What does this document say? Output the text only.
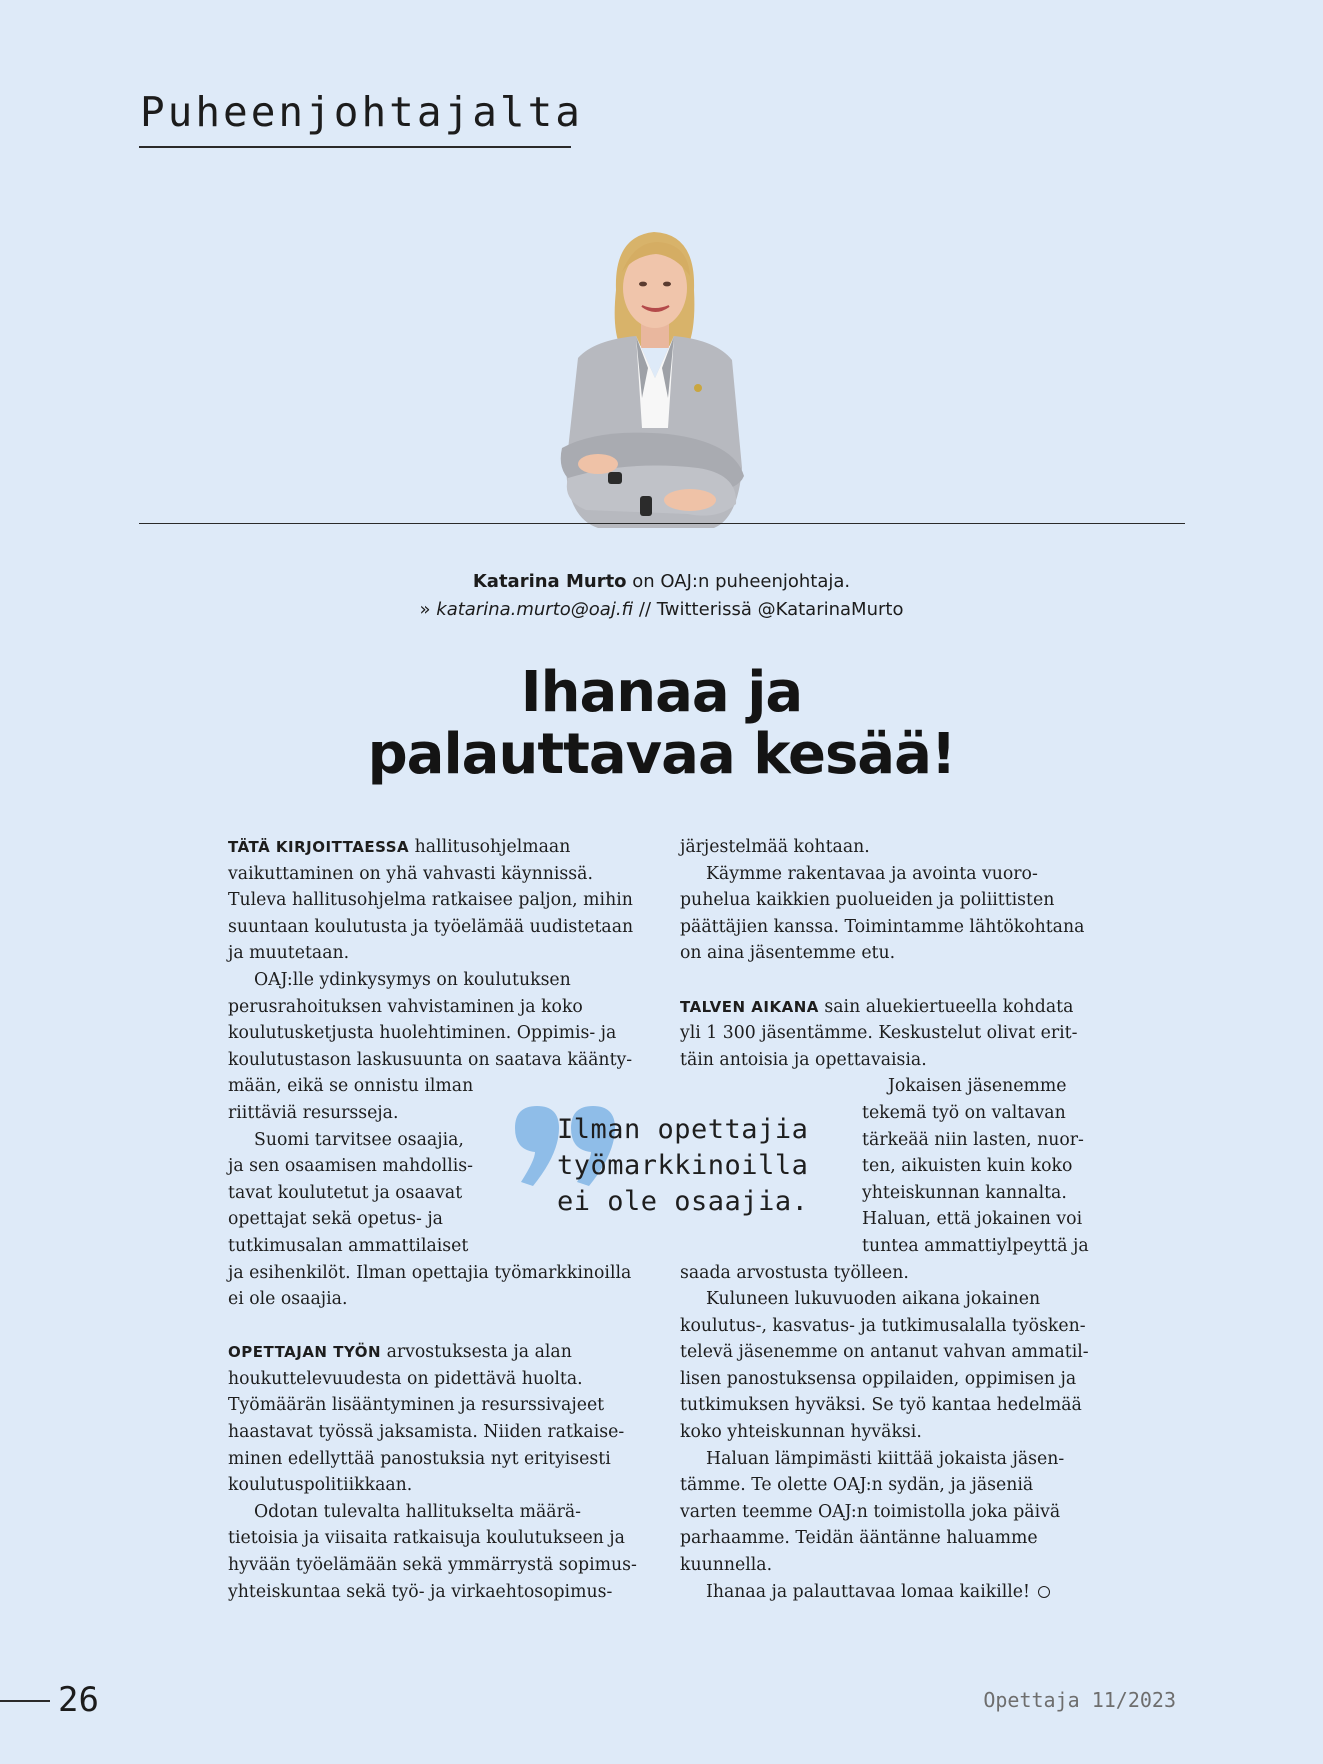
Puheenjohtajalta
Katarina Murto on OAJ:n puheenjohtaja.
» katarina.murto@oaj.fi // Twitterissä @KatarinaMurto
Ihanaa ja
palauttavaa kesää!
TÄTÄ KIRJOITTAESSA hallitusohjelmaan
vaikuttaminen on yhä vahvasti käynnissä.
Tuleva hallitusohjelma ratkaisee paljon, mihin
suuntaan koulutusta ja työelämää uudistetaan
ja muutetaan.
OAJ:lle ydinkysymys on koulutuksen
perusrahoituksen vahvistaminen ja koko
koulutusketjusta huolehtiminen. Oppimis- ja
koulutustason laskusuunta on saatava käänty-
mään, eikä se onnistu ilman
riittäviä resursseja.
Suomi tarvitsee osaajia,
ja sen osaamisen mahdollis-
tavat koulutetut ja osaavat
opettajat sekä opetus- ja
tutkimusalan ammattilaiset
ja esihenkilöt. Ilman opettajia työmarkkinoilla
ei ole osaajia.
OPETTAJAN TYÖN arvostuksesta ja alan
houkuttelevuudesta on pidettävä huolta.
Työmäärän lisääntyminen ja resurssivajeet
haastavat työssä jaksamista. Niiden ratkaise-
minen edellyttää panostuksia nyt erityisesti
koulutuspolitiikkaan.
Odotan tulevalta hallitukselta määrä-
tietoisia ja viisaita ratkaisuja koulutukseen ja
hyvään työelämään sekä ymmärrystä sopimus-
yhteiskuntaa sekä työ- ja virkaehtosopimus-
järjestelmää kohtaan.
Käymme rakentavaa ja avointa vuoro-
puhelua kaikkien puolueiden ja poliittisten
päättäjien kanssa. Toimintamme lähtökohtana
on aina jäsentemme etu.
TALVEN AIKANA sain aluekiertueella kohdata
yli 1 300 jäsentämme. Keskustelut olivat erit-
täin antoisia ja opettavaisia.
Jokaisen jäsenemme
tekemä työ on valtavan
tärkeää niin lasten, nuor-
ten, aikuisten kuin koko
yhteiskunnan kannalta.
Haluan, että jokainen voi
tuntea ammattiylpeyttä ja
saada arvostusta työlleen.
Kuluneen lukuvuoden aikana jokainen
koulutus-, kasvatus- ja tutkimusalalla työsken-
televä jäsenemme on antanut vahvan ammatil-
lisen panostuksensa oppilaiden, oppimisen ja
tutkimuksen hyväksi. Se työ kantaa hedelmää
koko yhteiskunnan hyväksi.
Haluan lämpimästi kiittää jokaista jäsen-
tämme. Te olette OAJ:n sydän, ja jäseniä
varten teemme OAJ:n toimistolla joka päivä
parhaamme. Teidän ääntänne haluamme
kuunnella.
Ihanaa ja palauttavaa lomaa kaikille!
Ilman opettajia
työmarkkinoilla
ei ole osaajia.
26	Opettaja 11/2023
